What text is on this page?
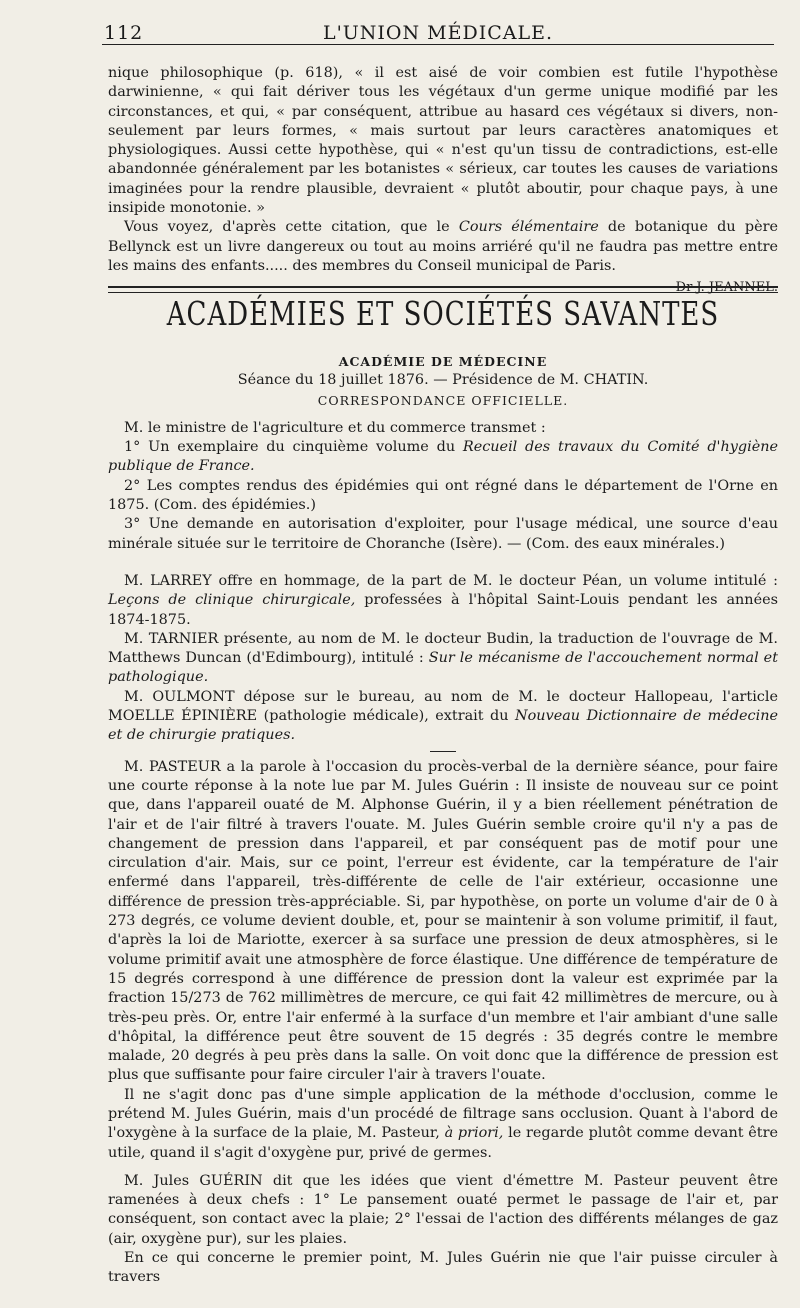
112	L'UNION MÉDICALE.

nique philosophique (p. 618), « il est aisé de voir combien est futile l'hypothèse darwinienne, « qui fait dériver tous les végétaux d'un germe unique modifié par les circonstances, et qui, « par conséquent, attribue au hasard ces végétaux si divers, non-seulement par leurs formes, « mais surtout par leurs caractères anatomiques et physiologiques. Aussi cette hypothèse, qui « n'est qu'un tissu de contradictions, est-elle abandonnée généralement par les botanistes « sérieux, car toutes les causes de variations imaginées pour la rendre plausible, devraient « plutôt aboutir, pour chaque pays, à une insipide monotonie. »

Vous voyez, d'après cette citation, que le Cours élémentaire de botanique du père Bellynck est un livre dangereux ou tout au moins arriéré qu'il ne faudra pas mettre entre les mains des enfants..... des membres du Conseil municipal de Paris.

Dr J. JEANNEL.

ACADÉMIES ET SOCIÉTÉS SAVANTES

ACADÉMIE DE MÉDECINE

Séance du 18 juillet 1876. — Présidence de M. CHATIN.

CORRESPONDANCE OFFICIELLE.

M. le ministre de l'agriculture et du commerce transmet :

1° Un exemplaire du cinquième volume du Recueil des travaux du Comité d'hygiène publique de France.

2° Les comptes rendus des épidémies qui ont régné dans le département de l'Orne en 1875. (Com. des épidémies.)

3° Une demande en autorisation d'exploiter, pour l'usage médical, une source d'eau minérale située sur le territoire de Choranche (Isère). — (Com. des eaux minérales.)

M. LARREY offre en hommage, de la part de M. le docteur Péan, un volume intitulé : Leçons de clinique chirurgicale, professées à l'hôpital Saint-Louis pendant les années 1874-1875.

M. TARNIER présente, au nom de M. le docteur Budin, la traduction de l'ouvrage de M. Matthews Duncan (d'Edimbourg), intitulé : Sur le mécanisme de l'accouchement normal et pathologique.

M. OULMONT dépose sur le bureau, au nom de M. le docteur Hallopeau, l'article MOELLE ÉPINIÈRE (pathologie médicale), extrait du Nouveau Dictionnaire de médecine et de chirurgie pratiques.

M. PASTEUR a la parole à l'occasion du procès-verbal de la dernière séance, pour faire une courte réponse à la note lue par M. Jules Guérin : Il insiste de nouveau sur ce point que, dans l'appareil ouaté de M. Alphonse Guérin, il y a bien réellement pénétration de l'air et de l'air filtré à travers l'ouate. M. Jules Guérin semble croire qu'il n'y a pas de changement de pression dans l'appareil, et par conséquent pas de motif pour une circulation d'air. Mais, sur ce point, l'erreur est évidente, car la température de l'air enfermé dans l'appareil, très-différente de celle de l'air extérieur, occasionne une différence de pression très-appréciable. Si, par hypothèse, on porte un volume d'air de 0 à 273 degrés, ce volume devient double, et, pour se maintenir à son volume primitif, il faut, d'après la loi de Mariotte, exercer à sa surface une pression de deux atmosphères, si le volume primitif avait une atmosphère de force élastique. Une différence de température de 15 degrés correspond à une différence de pression dont la valeur est exprimée par la fraction 15/273 de 762 millimètres de mercure, ce qui fait 42 millimètres de mercure, ou à très-peu près. Or, entre l'air enfermé à la surface d'un membre et l'air ambiant d'une salle d'hôpital, la différence peut être souvent de 15 degrés : 35 degrés contre le membre malade, 20 degrés à peu près dans la salle. On voit donc que la différence de pression est plus que suffisante pour faire circuler l'air à travers l'ouate.

Il ne s'agit donc pas d'une simple application de la méthode d'occlusion, comme le prétend M. Jules Guérin, mais d'un procédé de filtrage sans occlusion. Quant à l'abord de l'oxygène à la surface de la plaie, M. Pasteur, à priori, le regarde plutôt comme devant être utile, quand il s'agit d'oxygène pur, privé de germes.

M. Jules GUÉRIN dit que les idées que vient d'émettre M. Pasteur peuvent être ramenées à deux chefs : 1° Le pansement ouaté permet le passage de l'air et, par conséquent, son contact avec la plaie; 2° l'essai de l'action des différents mélanges de gaz (air, oxygène pur), sur les plaies.

En ce qui concerne le premier point, M. Jules Guérin nie que l'air puisse circuler à travers
